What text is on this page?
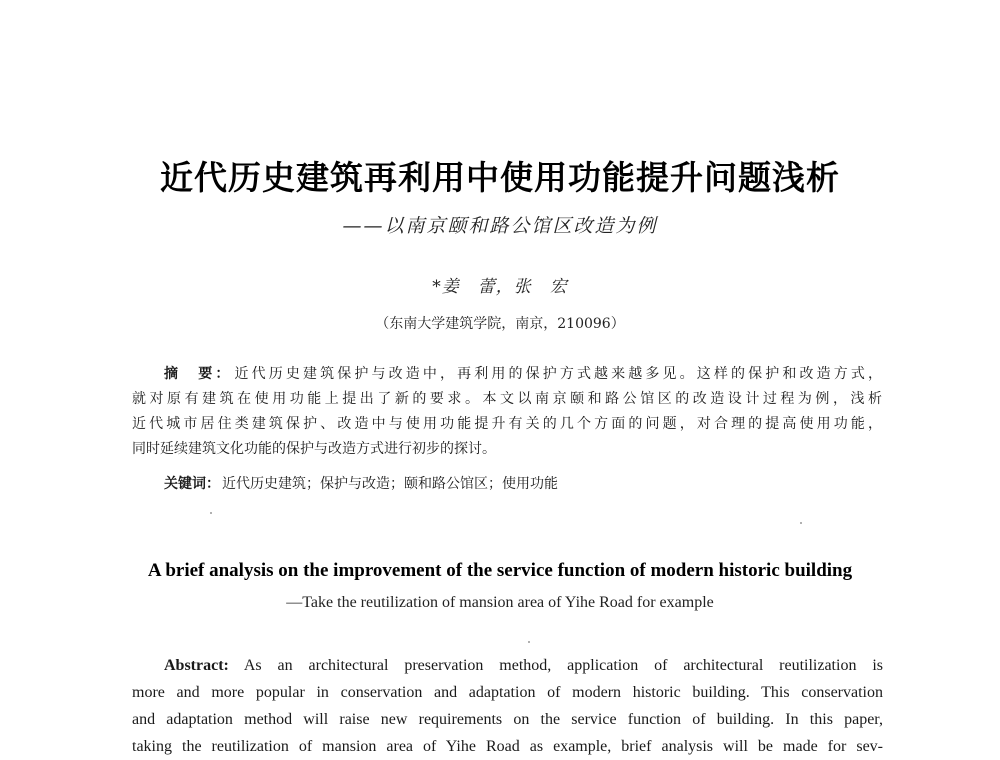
近代历史建筑再利用中使用功能提升问题浅析
——以南京颐和路公馆区改造为例
*姜　蕾，张　宏
（东南大学建筑学院，南京，210096）
摘　要： 近代历史建筑保护与改造中，再利用的保护方式越来越多见。这样的保护和改造方式，
就对原有建筑在使用功能上提出了新的要求。本文以南京颐和路公馆区的改造设计过程为例，浅析
近代城市居住类建筑保护、改造中与使用功能提升有关的几个方面的问题，对合理的提高使用功能，
同时延续建筑文化功能的保护与改造方式进行初步的探讨。
关键词： 近代历史建筑；保护与改造；颐和路公馆区；使用功能
A brief analysis on the improvement of the service function of modern historic building
—Take the reutilization of mansion area of Yihe Road for example
Abstract: As an architectural preservation method, application of architectural reutilization is
more and more popular in conservation and adaptation of modern historic building. This conservation
and adaptation method will raise new requirements on the service function of building. In this paper,
taking the reutilization of mansion area of Yihe Road as example, brief analysis will be made for sev-
